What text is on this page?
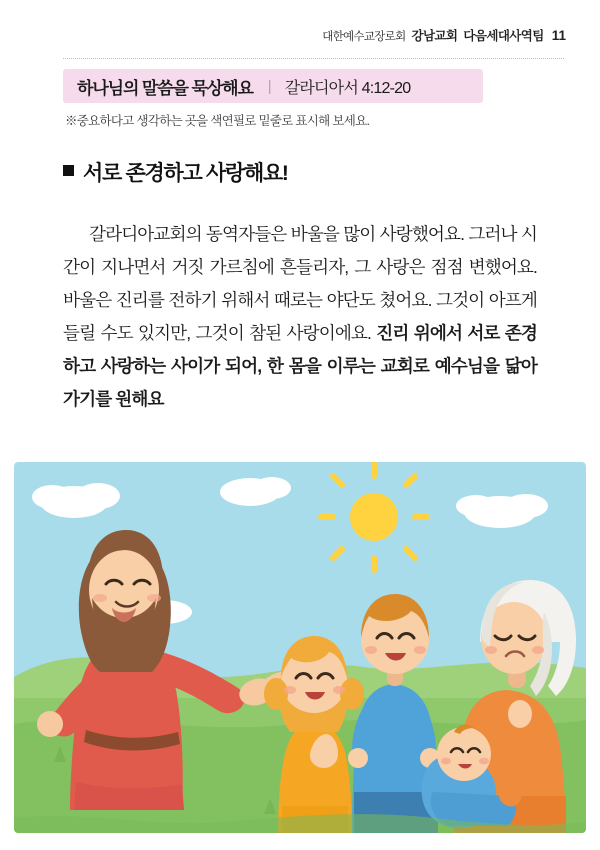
대한예수교장로회 강남교회 다음세대사역팀 11
하나님의 말씀을 묵상해요 | 갈라디아서 4:12-20
※중요하다고 생각하는 곳을 색연필로 밑줄로 표시해 보세요.
서로 존경하고 사랑해요!

갈라디아교회의 동역자들은 바울을 많이 사랑했어요. 그러나 시간이 지나면서 거짓 가르침에 흔들리자, 그 사랑은 점점 변했어요. 바울은 진리를 전하기 위해서 때로는 야단도 쳤어요. 그것이 아프게 들릴 수도 있지만, 그것이 참된 사랑이에요. 진리 위에서 서로 존경하고 사랑하는 사이가 되어, 한 몸을 이루는 교회로 예수님을 닮아가기를 원해요
